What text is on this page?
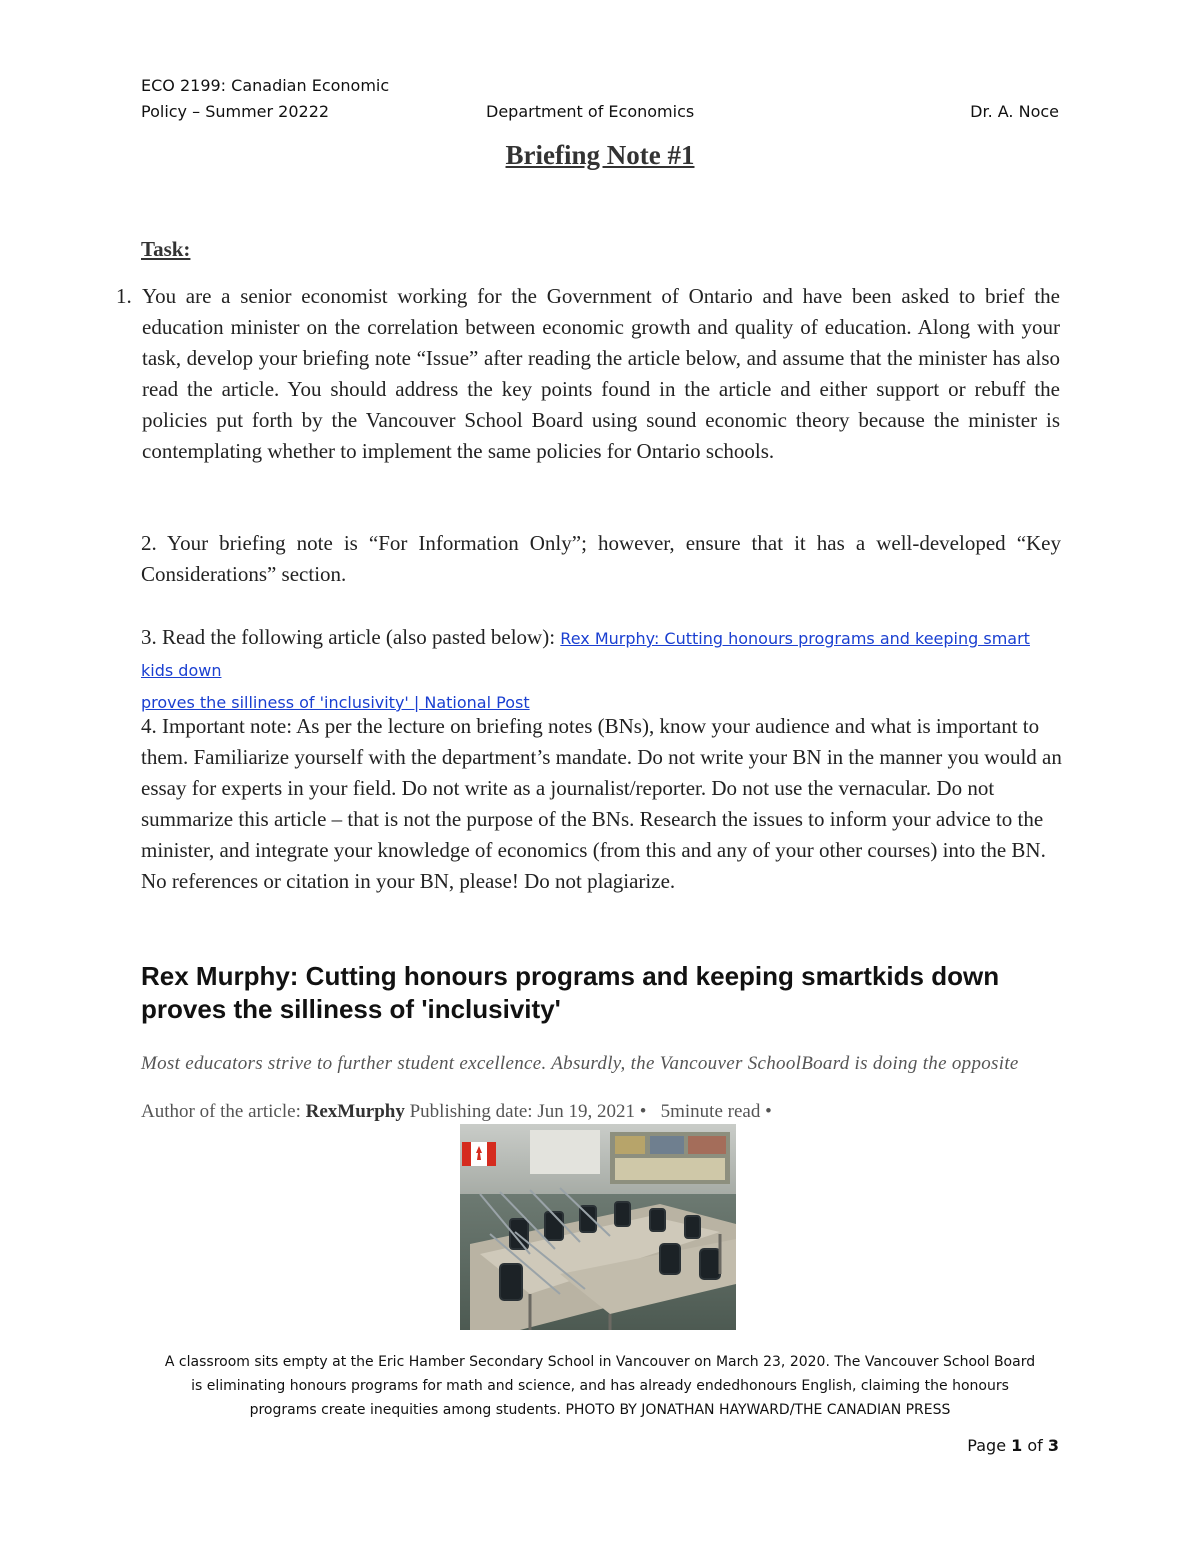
ECO 2199: Canadian Economic
Policy – Summer 20222	Department of Economics	Dr. A. Noce
Briefing Note #1
Task:
1. You are a senior economist working for the Government of Ontario and have been asked to brief the education minister on the correlation between economic growth and quality of education. Along with your task, develop your briefing note “Issue” after reading the article below, and assume that the minister has also read the article. You should address the key points found in the article and either support or rebuff the policies put forth by the Vancouver School Board using sound economic theory because the minister is contemplating whether to implement the same policies for Ontario schools.
2. Your briefing note is “For Information Only”; however, ensure that it has a well-developed “Key Considerations” section.
3. Read the following article (also pasted below): Rex Murphy: Cutting honours programs and keeping smart kids down
proves the silliness of 'inclusivity' | National Post
4. Important note: As per the lecture on briefing notes (BNs), know your audience and what is important to them. Familiarize yourself with the department’s mandate. Do not write your BN in the manner you would an essay for experts in your field. Do not write as a journalist/reporter. Do not use the vernacular. Do not summarize this article – that is not the purpose of the BNs. Research the issues to inform your advice to the minister, and integrate your knowledge of economics (from this and any of your other courses) into the BN. No references or citation in your BN, please! Do not plagiarize.
Rex Murphy: Cutting honours programs and keeping smartkids down proves the silliness of 'inclusivity'
Most educators strive to further student excellence. Absurdly, the Vancouver SchoolBoard is doing the opposite
Author of the article: RexMurphy Publishing date: Jun 19, 2021 •   5minute read •
A classroom sits empty at the Eric Hamber Secondary School in Vancouver on March 23, 2020. The Vancouver School Board
is eliminating honours programs for math and science, and has already endedhonours English, claiming the honours
programs create inequities among students. PHOTO BY JONATHAN HAYWARD/THE CANADIAN PRESS
Page 1 of 3
